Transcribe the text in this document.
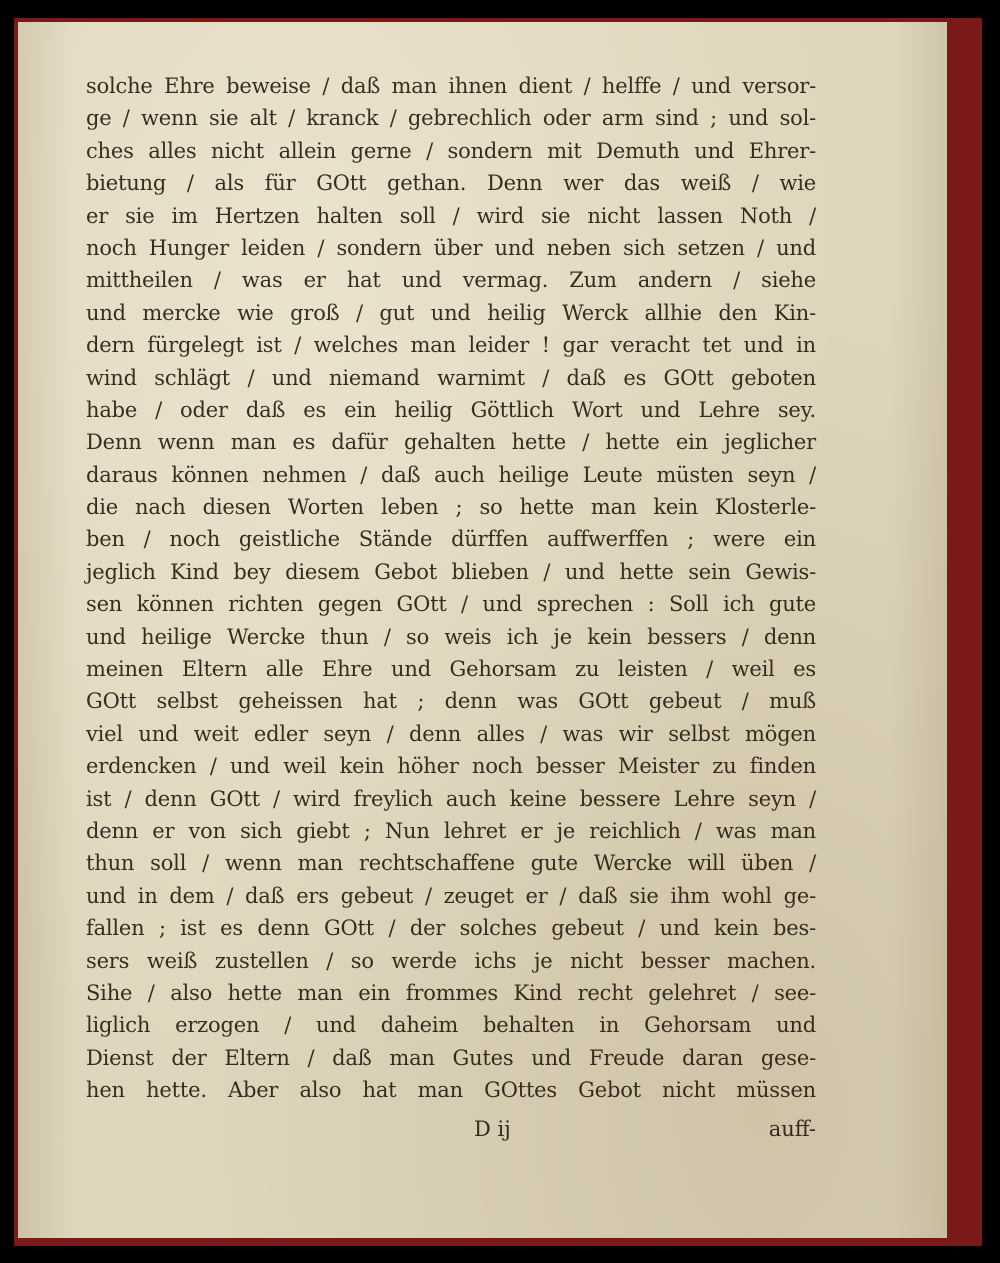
solche Ehre beweise / daß man ihnen dient / helffe / und versor-
ge / wenn sie alt / kranck / gebrechlich oder arm sind ; und sol-
ches alles nicht allein gerne / sondern mit Demuth und Ehrer-
bietung / als für GOtt gethan. Denn wer das weiß / wie
er sie im Hertzen halten soll / wird sie nicht lassen Noth /
noch Hunger leiden / sondern über und neben sich setzen / und
mittheilen / was er hat und vermag. Zum andern / siehe
und mercke wie groß / gut und heilig Werck allhie den Kin-
dern fürgelegt ist / welches man leider ! gar veracht tet und in
wind schlägt / und niemand warnimt / daß es GOtt geboten
habe / oder daß es ein heilig Göttlich Wort und Lehre sey.
Denn wenn man es dafür gehalten hette / hette ein jeglicher
daraus können nehmen / daß auch heilige Leute müsten seyn /
die nach diesen Worten leben ; so hette man kein Klosterle-
ben / noch geistliche Stände dürffen auffwerffen ; were ein
jeglich Kind bey diesem Gebot blieben / und hette sein Gewis-
sen können richten gegen GOtt / und sprechen : Soll ich gute
und heilige Wercke thun / so weis ich je kein bessers / denn
meinen Eltern alle Ehre und Gehorsam zu leisten / weil es
GOtt selbst geheissen hat ; denn was GOtt gebeut / muß
viel und weit edler seyn / denn alles / was wir selbst mögen
erdencken / und weil kein höher noch besser Meister zu finden
ist / denn GOtt / wird freylich auch keine bessere Lehre seyn /
denn er von sich giebt ; Nun lehret er je reichlich / was man
thun soll / wenn man rechtschaffene gute Wercke will üben /
und in dem / daß ers gebeut / zeuget er / daß sie ihm wohl ge-
fallen ; ist es denn GOtt / der solches gebeut / und kein bes-
sers weiß zustellen / so werde ichs je nicht besser machen.
Sihe / also hette man ein frommes Kind recht gelehret / see-
liglich erzogen / und daheim behalten in Gehorsam und
Dienst der Eltern / daß man Gutes und Freude daran gese-
hen hette. Aber also hat man GOttes Gebot nicht müssen
D ij	auff-
